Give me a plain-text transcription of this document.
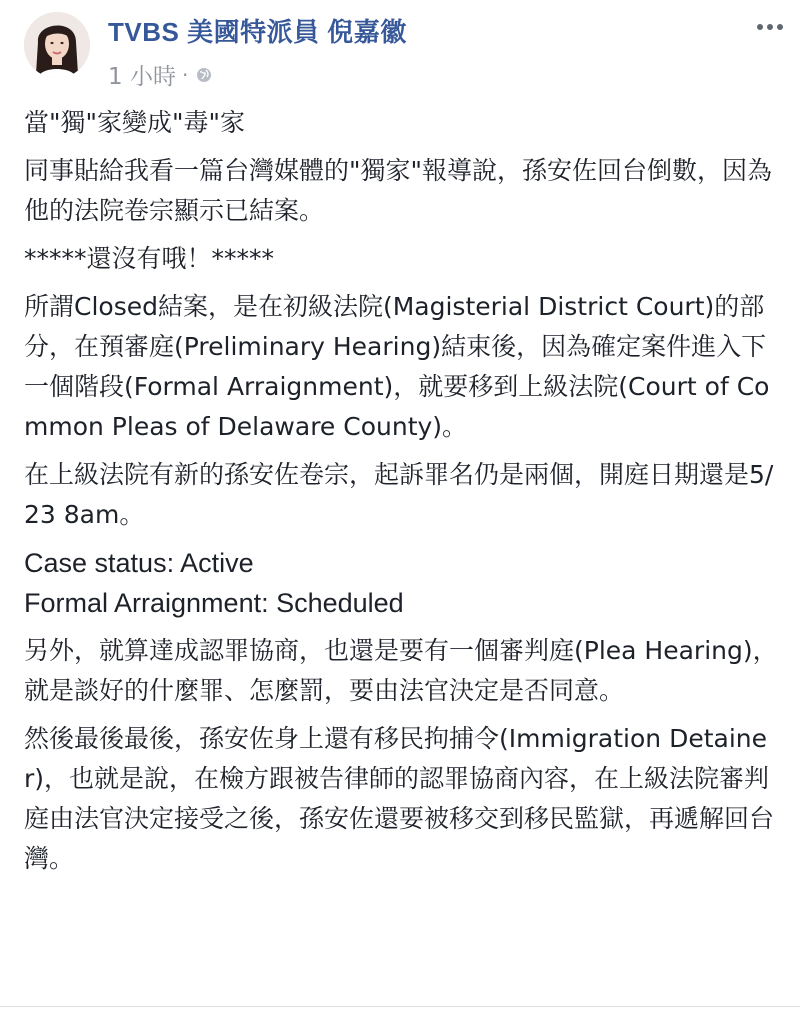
TVBS 美國特派員 倪嘉徽
1 小時 ·

當"獨"家變成"毒"家

同事貼給我看一篇台灣媒體的"獨家"報導說，孫安佐回台倒數，因為他的法院卷宗顯示已結案。

*****還沒有哦！*****

所謂Closed結案，是在初級法院(Magisterial District Court)的部分，在預審庭(Preliminary Hearing)結束後，因為確定案件進入下一個階段(Formal Arraignment)，就要移到上級法院(Court of Common Pleas of Delaware County)。

在上級法院有新的孫安佐卷宗，起訴罪名仍是兩個，開庭日期還是5/23 8am。

Case status: Active
Formal Arraignment: Scheduled

另外，就算達成認罪協商，也還是要有一個審判庭(Plea Hearing)，就是談好的什麼罪、怎麼罰，要由法官決定是否同意。

然後最後最後，孫安佐身上還有移民拘捕令(Immigration Detainer)，也就是說，在檢方跟被告律師的認罪協商內容，在上級法院審判庭由法官決定接受之後，孫安佐還要被移交到移民監獄，再遞解回台灣。
